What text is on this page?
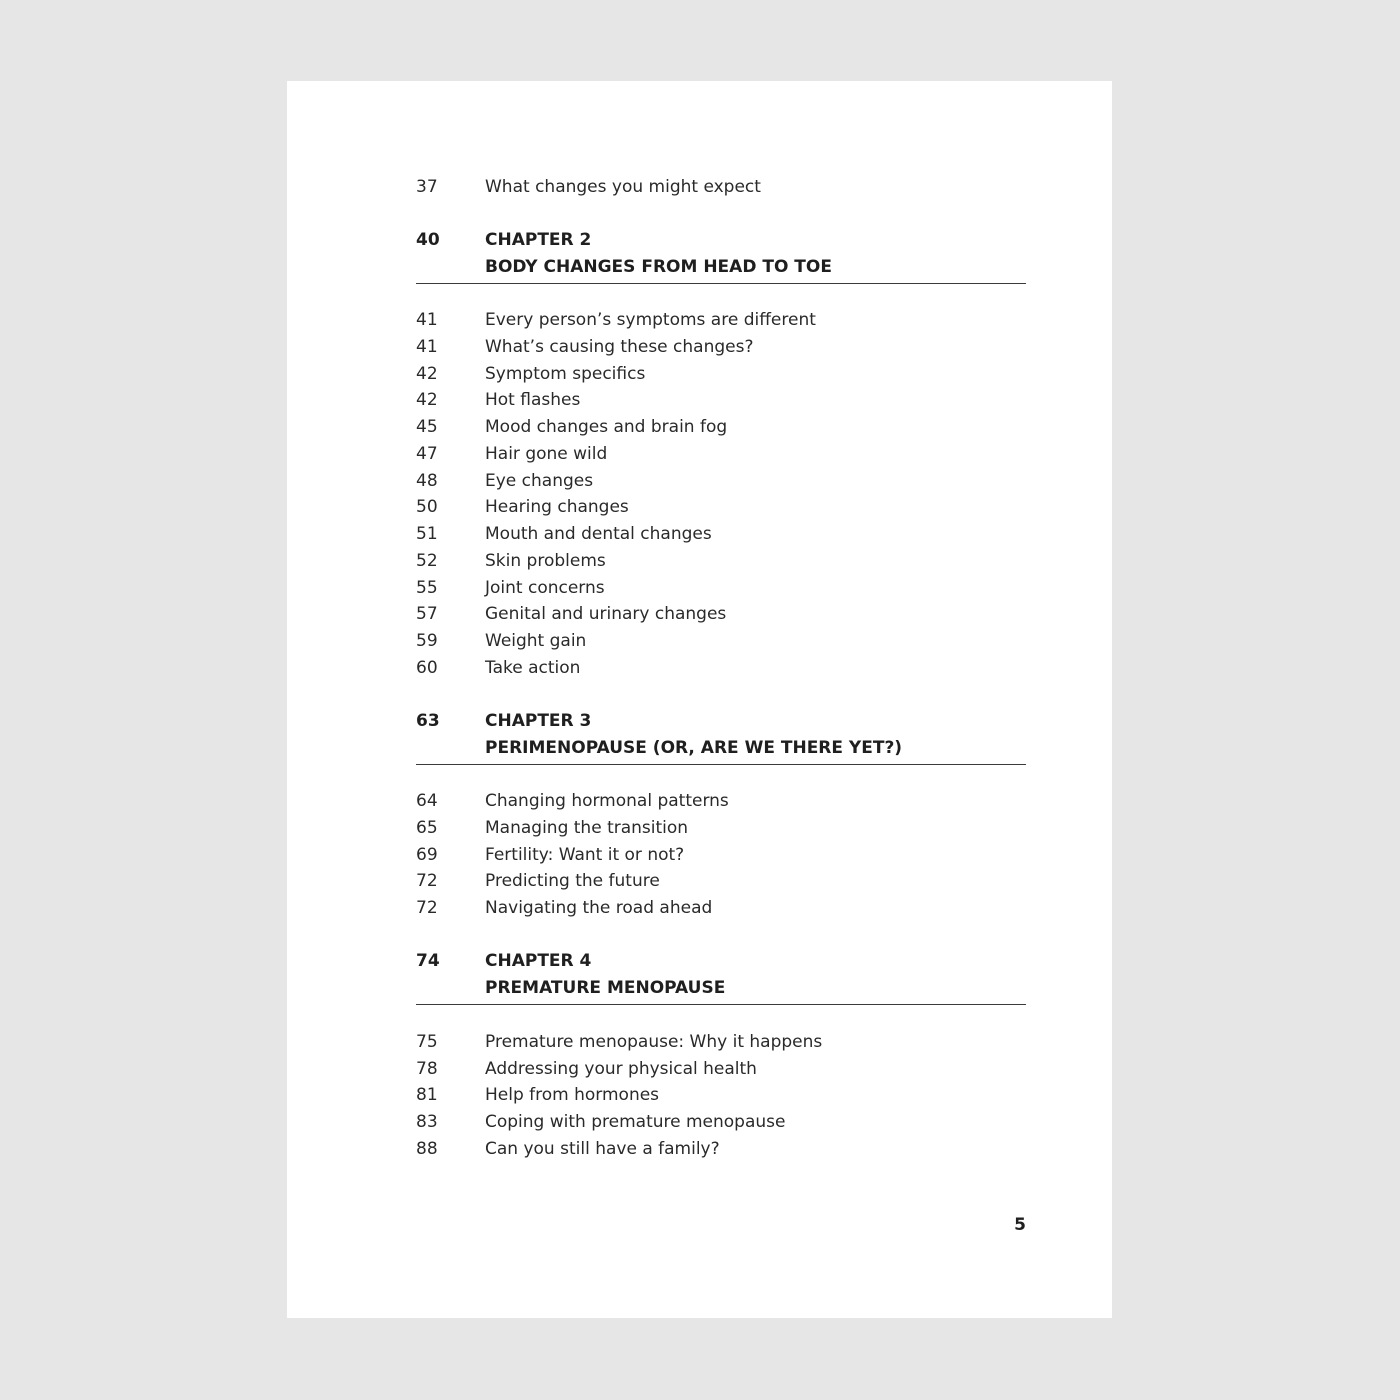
37	What changes you might expect
40	CHAPTER 2
BODY CHANGES FROM HEAD TO TOE
41	Every person’s symptoms are different
41	What’s causing these changes?
42	Symptom specifics
42	Hot flashes
45	Mood changes and brain fog
47	Hair gone wild
48	Eye changes
50	Hearing changes
51	Mouth and dental changes
52	Skin problems
55	Joint concerns
57	Genital and urinary changes
59	Weight gain
60	Take action
63	CHAPTER 3
PERIMENOPAUSE (OR, ARE WE THERE YET?)
64	Changing hormonal patterns
65	Managing the transition
69	Fertility: Want it or not?
72	Predicting the future
72	Navigating the road ahead
74	CHAPTER 4
PREMATURE MENOPAUSE
75	Premature menopause: Why it happens
78	Addressing your physical health
81	Help from hormones
83	Coping with premature menopause
88	Can you still have a family?
5
